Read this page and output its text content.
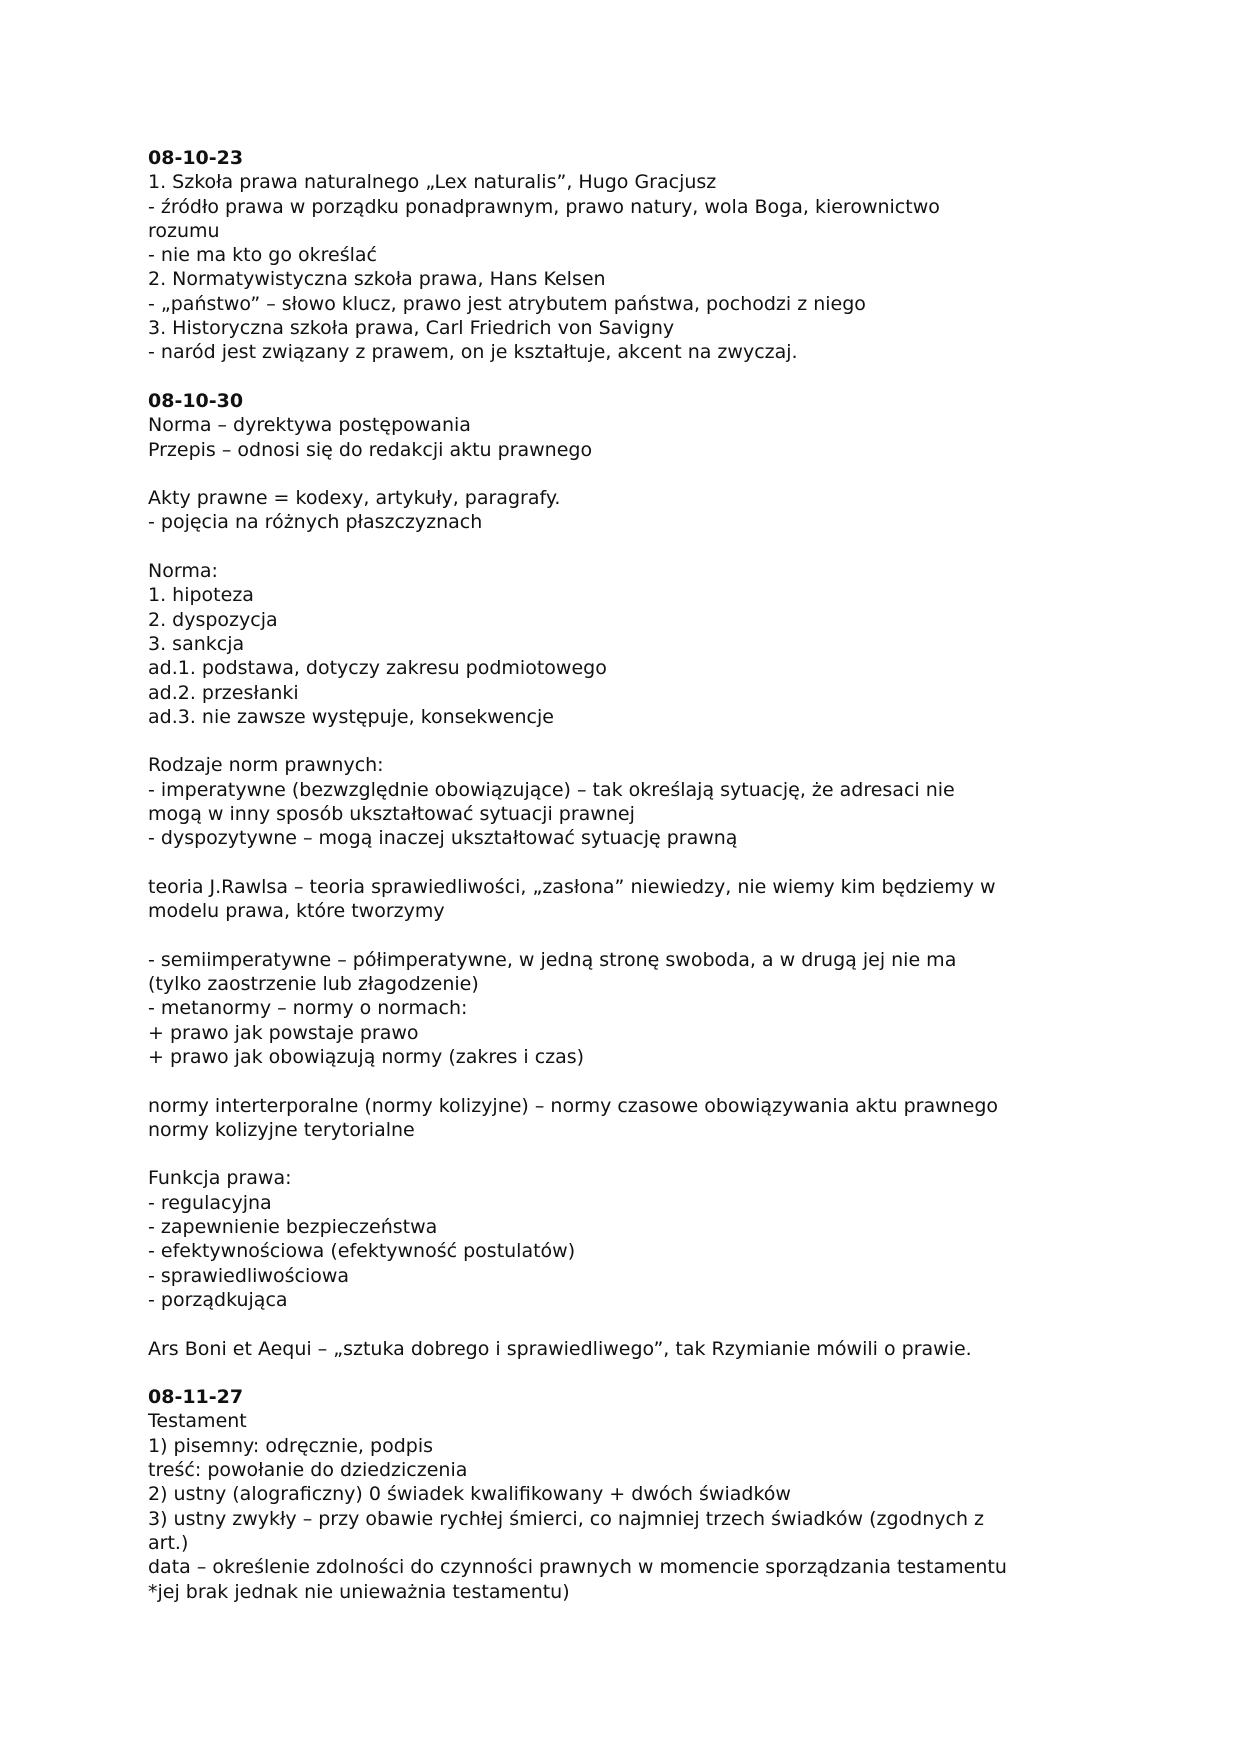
08-10-23
1. Szkoła prawa naturalnego „Lex naturalis”, Hugo Gracjusz
- źródło prawa w porządku ponadprawnym, prawo natury, wola Boga, kierownictwo
rozumu
- nie ma kto go określać
2. Normatywistyczna szkoła prawa, Hans Kelsen
- „państwo” – słowo klucz, prawo jest atrybutem państwa, pochodzi z niego
3. Historyczna szkoła prawa, Carl Friedrich von Savigny
- naród jest związany z prawem, on je kształtuje, akcent na zwyczaj.
08-10-30
Norma – dyrektywa postępowania
Przepis – odnosi się do redakcji aktu prawnego
Akty prawne = kodexy, artykuły, paragrafy.
- pojęcia na różnych płaszczyznach
Norma:
1. hipoteza
2. dyspozycja
3. sankcja
ad.1. podstawa, dotyczy zakresu podmiotowego
ad.2. przesłanki
ad.3. nie zawsze występuje, konsekwencje
Rodzaje norm prawnych:
- imperatywne (bezwzględnie obowiązujące) – tak określają sytuację, że adresaci nie
mogą w inny sposób ukształtować sytuacji prawnej
- dyspozytywne – mogą inaczej ukształtować sytuację prawną
teoria J.Rawlsa – teoria sprawiedliwości, „zasłona” niewiedzy, nie wiemy kim będziemy w
modelu prawa, które tworzymy
- semiimperatywne – półimperatywne, w jedną stronę swoboda, a w drugą jej nie ma
(tylko zaostrzenie lub złagodzenie)
- metanormy – normy o normach:
+ prawo jak powstaje prawo
+ prawo jak obowiązują normy (zakres i czas)
normy interterporalne (normy kolizyjne) – normy czasowe obowiązywania aktu prawnego
normy kolizyjne terytorialne
Funkcja prawa:
- regulacyjna
- zapewnienie bezpieczeństwa
- efektywnościowa (efektywność postulatów)
- sprawiedliwościowa
- porządkująca
Ars Boni et Aequi – „sztuka dobrego i sprawiedliwego”, tak Rzymianie mówili o prawie.
08-11-27
Testament
1) pisemny: odręcznie, podpis
treść: powołanie do dziedziczenia
2) ustny (alograficzny) 0 świadek kwalifikowany + dwóch świadków
3) ustny zwykły – przy obawie rychłej śmierci, co najmniej trzech świadków (zgodnych z
art.)
data – określenie zdolności do czynności prawnych w momencie sporządzania testamentu
*jej brak jednak nie unieważnia testamentu)
